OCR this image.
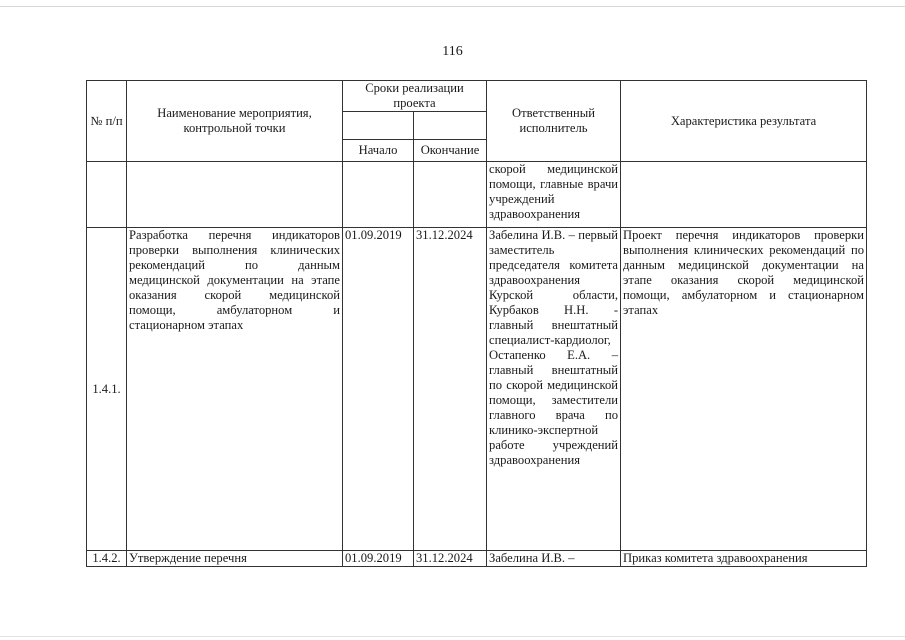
116
№ п/п	Наименование мероприятия, контрольной точки	Сроки реализации проекта		Ответственный исполнитель	Характеристика результата

		Начало	Окончание		
				скорой медицинской помощи, главные врачи учреждений здравоохранения	
1.4.1.	Разработка перечня индикаторов проверки выполнения клинических рекомендаций по данным медицинской документации на этапе оказания скорой медицинской помощи, амбулаторном и стационарном этапах	01.09.2019	31.12.2024	Забелина И.В. – первый заместитель председателя комитета здравоохранения Курской области, Курбаков Н.Н. - главный внештатный специалист-кардиолог, Остапенко Е.А. – главный внештатный по скорой медицинской помощи, заместители главного врача по клинико-экспертной работе учреждений здравоохранения	Проект перечня индикаторов проверки выполнения клинических рекомендаций по данным медицинской документации на этапе оказания скорой медицинской помощи, амбулаторном и стационарном этапах
1.4.2.	Утверждение перечня	01.09.2019	31.12.2024	Забелина И.В. –	Приказ комитета здравоохранения
